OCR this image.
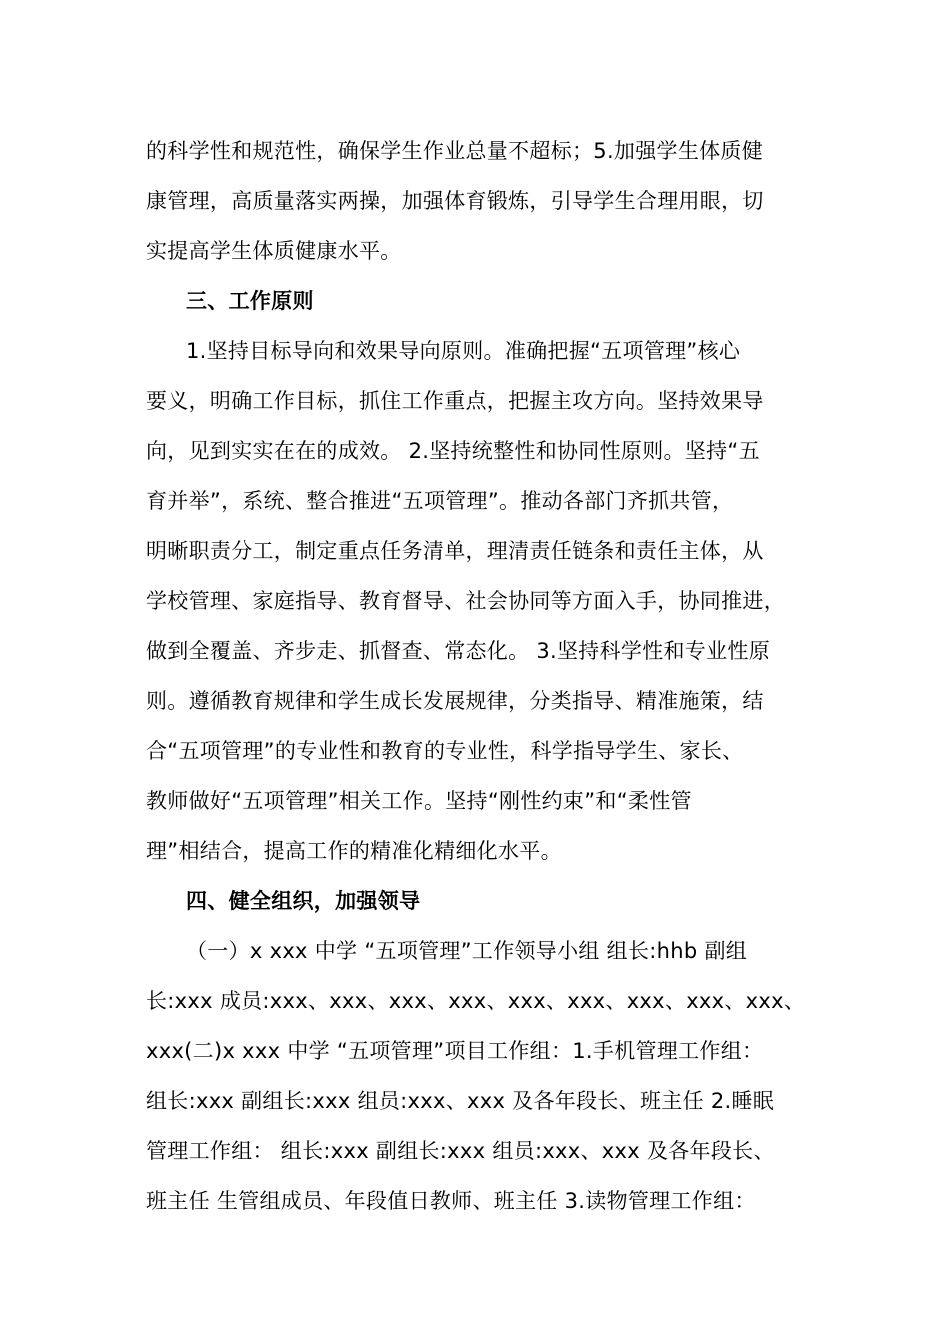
的科学性和规范性，确保学生作业总量不超标；5.加强学生体质健
康管理，高质量落实两操，加强体育锻炼，引导学生合理用眼，切
实提高学生体质健康水平。
三、工作原则
1.坚持目标导向和效果导向原则。准确把握“五项管理”核心
要义，明确工作目标，抓住工作重点，把握主攻方向。坚持效果导
向，见到实实在在的成效。 2.坚持统整性和协同性原则。坚持“五
育并举”，系统、整合推进“五项管理”。推动各部门齐抓共管，
明晰职责分工，制定重点任务清单，理清责任链条和责任主体，从
学校管理、家庭指导、教育督导、社会协同等方面入手，协同推进，
做到全覆盖、齐步走、抓督查、常态化。 3.坚持科学性和专业性原
则。遵循教育规律和学生成长发展规律，分类指导、精准施策，结
合“五项管理”的专业性和教育的专业性，科学指导学生、家长、
教师做好“五项管理”相关工作。坚持“刚性约束”和“柔性管
理”相结合，提高工作的精准化精细化水平。
四、健全组织，加强领导
（一）x xxx 中学 “五项管理”工作领导小组 组长:hhb 副组
长:xxx 成员:xxx、xxx、xxx、xxx、xxx、xxx、xxx、xxx、xxx、
xxx(二)x xxx 中学 “五项管理”项目工作组：1.手机管理工作组：
组长:xxx 副组长:xxx 组员:xxx、xxx 及各年段长、班主任 2.睡眠
管理工作组： 组长:xxx 副组长:xxx 组员:xxx、xxx 及各年段长、
班主任 生管组成员、年段值日教师、班主任 3.读物管理工作组：
